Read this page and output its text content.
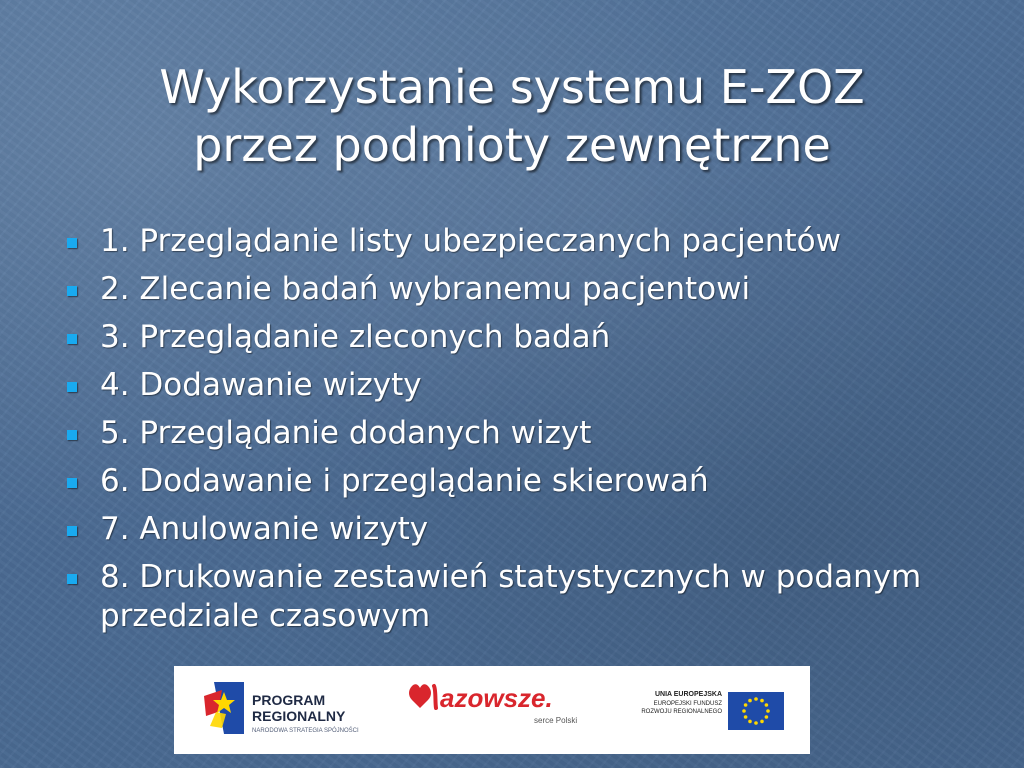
Wykorzystanie systemu E-ZOZ
przez podmioty zewnętrzne
1. Przeglądanie listy ubezpieczanych pacjentów
2. Zlecanie badań wybranemu pacjentowi
3. Przeglądanie zleconych badań
4. Dodawanie wizyty
5. Przeglądanie dodanych wizyt
6. Dodawanie i przeglądanie skierowań
7. Anulowanie wizyty
8. Drukowanie zestawień statystycznych w podanym przedziale czasowym
PROGRAM
REGIONALNY
NARODOWA STRATEGIA SPÓJNOŚCI
azowsze.
serce Polski
UNIA EUROPEJSKA
EUROPEJSKI FUNDUSZ
ROZWOJU REGIONALNEGO
